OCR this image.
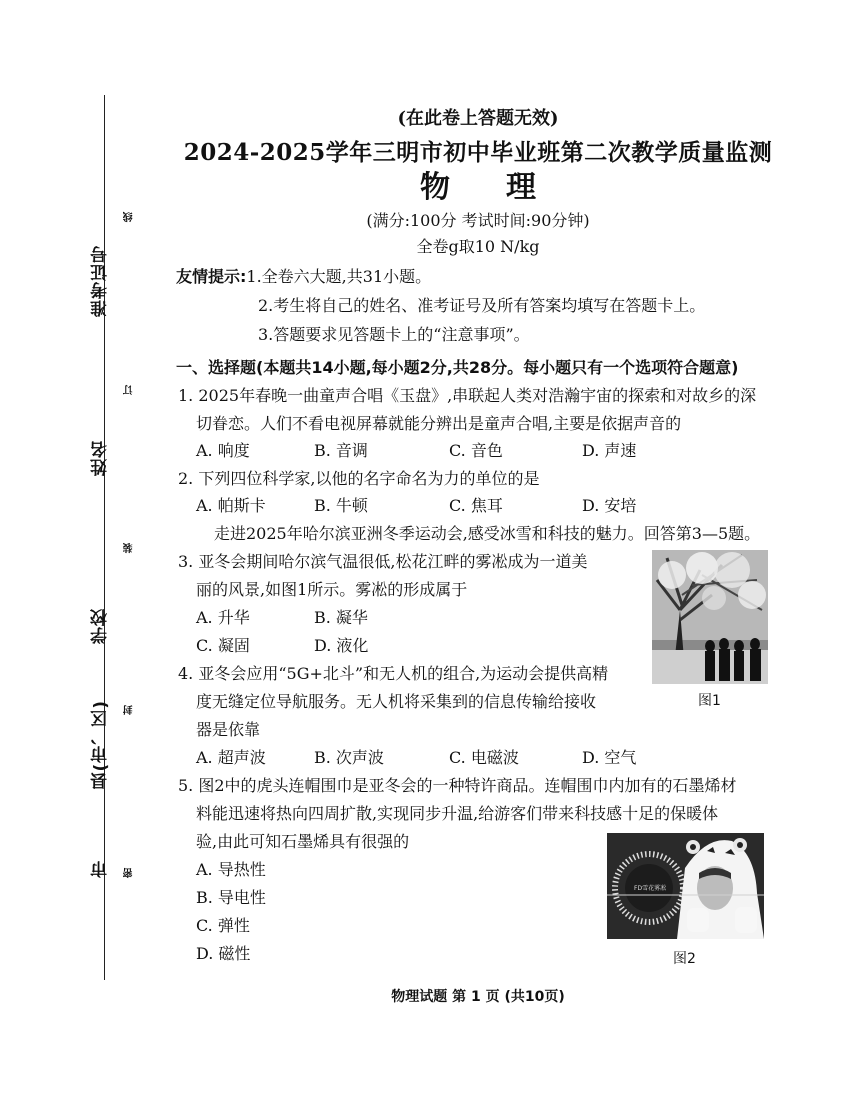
准考证号
姓名
学校
县(市、区)
市
线
订
装
封
密
(在此卷上答题无效)
2024-2025学年三明市初中毕业班第二次教学质量监测
物理
(满分:100分 考试时间:90分钟)
全卷g取10 N/kg
友情提示:1.全卷六大题,共31小题。
2.考生将自己的姓名、准考证号及所有答案均填写在答题卡上。
3.答题要求见答题卡上的“注意事项”。
一、选择题(本题共14小题,每小题2分,共28分。每小题只有一个选项符合题意)
1. 2025年春晚一曲童声合唱《玉盘》,串联起人类对浩瀚宇宙的探索和对故乡的深
切眷恋。人们不看电视屏幕就能分辨出是童声合唱,主要是依据声音的
A. 响度	B. 音调	C. 音色	D. 声速
2. 下列四位科学家,以他的名字命名为力的单位的是
A. 帕斯卡	B. 牛顿	C. 焦耳	D. 安培
走进2025年哈尔滨亚洲冬季运动会,感受冰雪和科技的魅力。回答第3—5题。
3. 亚冬会期间哈尔滨气温很低,松花江畔的雾凇成为一道美
丽的风景,如图1所示。雾凇的形成属于
A. 升华	B. 凝华
C. 凝固	D. 液化
图1
4. 亚冬会应用“5G+北斗”和无人机的组合,为运动会提供高精
度无缝定位导航服务。无人机将采集到的信息传输给接收
器是依靠
A. 超声波	B. 次声波	C. 电磁波	D. 空气
5. 图2中的虎头连帽围巾是亚冬会的一种特许商品。连帽围巾内加有的石墨烯材
料能迅速将热向四周扩散,实现同步升温,给游客们带来科技感十足的保暖体
验,由此可知石墨烯具有很强的
A. 导热性
B. 导电性
C. 弹性
D. 磁性
FD雪花雾凇
图2
物理试题 第 1 页 (共10页)
